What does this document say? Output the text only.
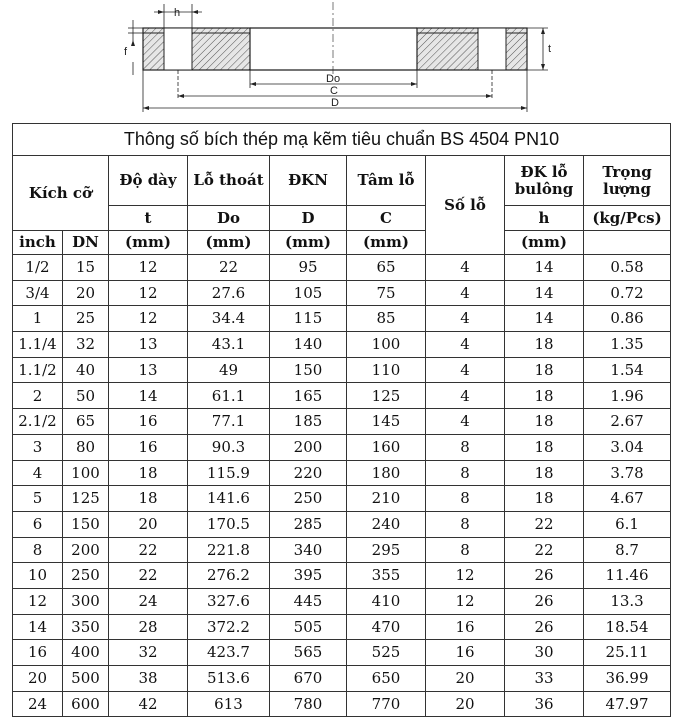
h
f	t
Do
C
D
Thông số bích thép mạ kẽm tiêu chuẩn BS 4504 PN10								
Kích cỡ		Độ dày	Lỗ thoát	ĐKN	Tâm lỗ	Số lỗ	ĐK lỗ bulông	Trọng lượng
		t	Do	D	C		h	(kg/Pcs)
inch	DN	(mm)	(mm)	(mm)	(mm)		(mm)	
1/2	15	12	22	95	65	4	14	0.58
3/4	20	12	27.6	105	75	4	14	0.72
1	25	12	34.4	115	85	4	14	0.86
1.1/4	32	13	43.1	140	100	4	18	1.35
1.1/2	40	13	49	150	110	4	18	1.54
2	50	14	61.1	165	125	4	18	1.96
2.1/2	65	16	77.1	185	145	4	18	2.67
3	80	16	90.3	200	160	8	18	3.04
4	100	18	115.9	220	180	8	18	3.78
5	125	18	141.6	250	210	8	18	4.67
6	150	20	170.5	285	240	8	22	6.1
8	200	22	221.8	340	295	8	22	8.7
10	250	22	276.2	395	355	12	26	11.46
12	300	24	327.6	445	410	12	26	13.3
14	350	28	372.2	505	470	16	26	18.54
16	400	32	423.7	565	525	16	30	25.11
20	500	38	513.6	670	650	20	33	36.99
24	600	42	613	780	770	20	36	47.97
